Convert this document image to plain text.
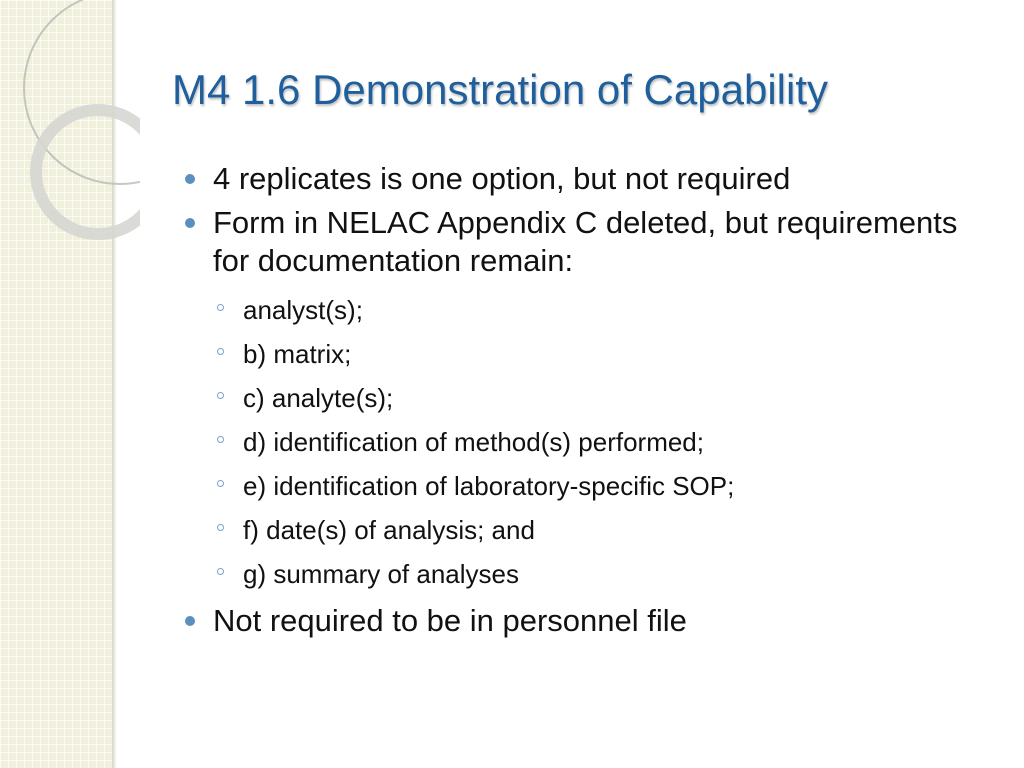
M4 1.6 Demonstration of Capability
4 replicates is one option, but not required
Form in NELAC Appendix C deleted, but requirements for documentation remain:
analyst(s);
b) matrix;
c) analyte(s);
d) identification of method(s) performed;
e) identification of laboratory-specific SOP;
f) date(s) of analysis; and
g) summary of analyses
Not required to be in personnel file
